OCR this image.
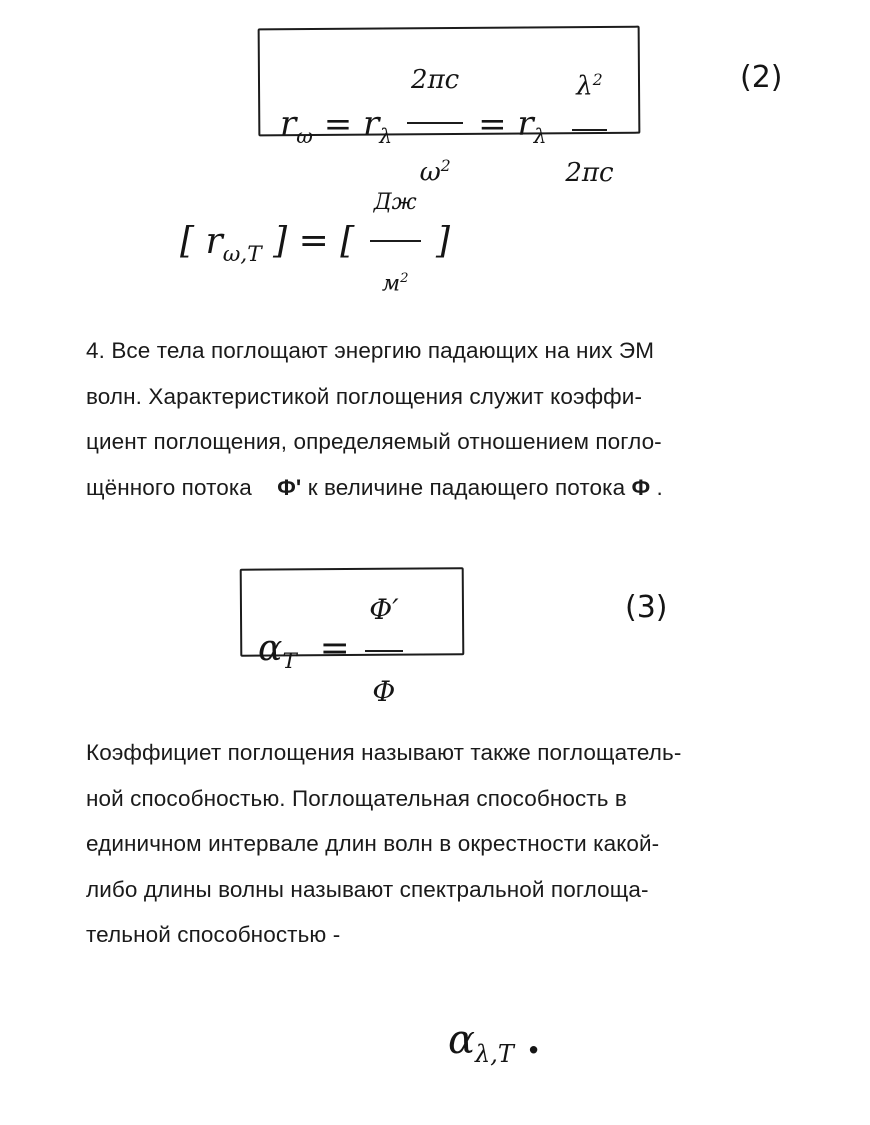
$r_\omega = r_\lambda \frac{2\pi c}{\omega^2} = r_\lambda \frac{\lambda^2}{2\pi c}$	(2)
[ $r_{\omega,T}$ ] = [ $\frac{Дж}{м^2}$ ]

4. Все тела поглощают энергию падающих на них ЭМ

волн. Характеристикой поглощения служит коэффи-

циент поглощения, определяемый отношением погло-

щённого потока Φ' к величине падающего потока Φ .

$\alpha_T = \frac{\Phi'}{\Phi}$	(3)

Коэффициет поглощения называют также поглощатель-

ной способностью. Поглощательная способность в

единичном интервале длин волн в окрестности какой-

либо длины волны называют спектральной поглоща-

тельной способностью -

$\alpha_{\lambda,T}$ .
